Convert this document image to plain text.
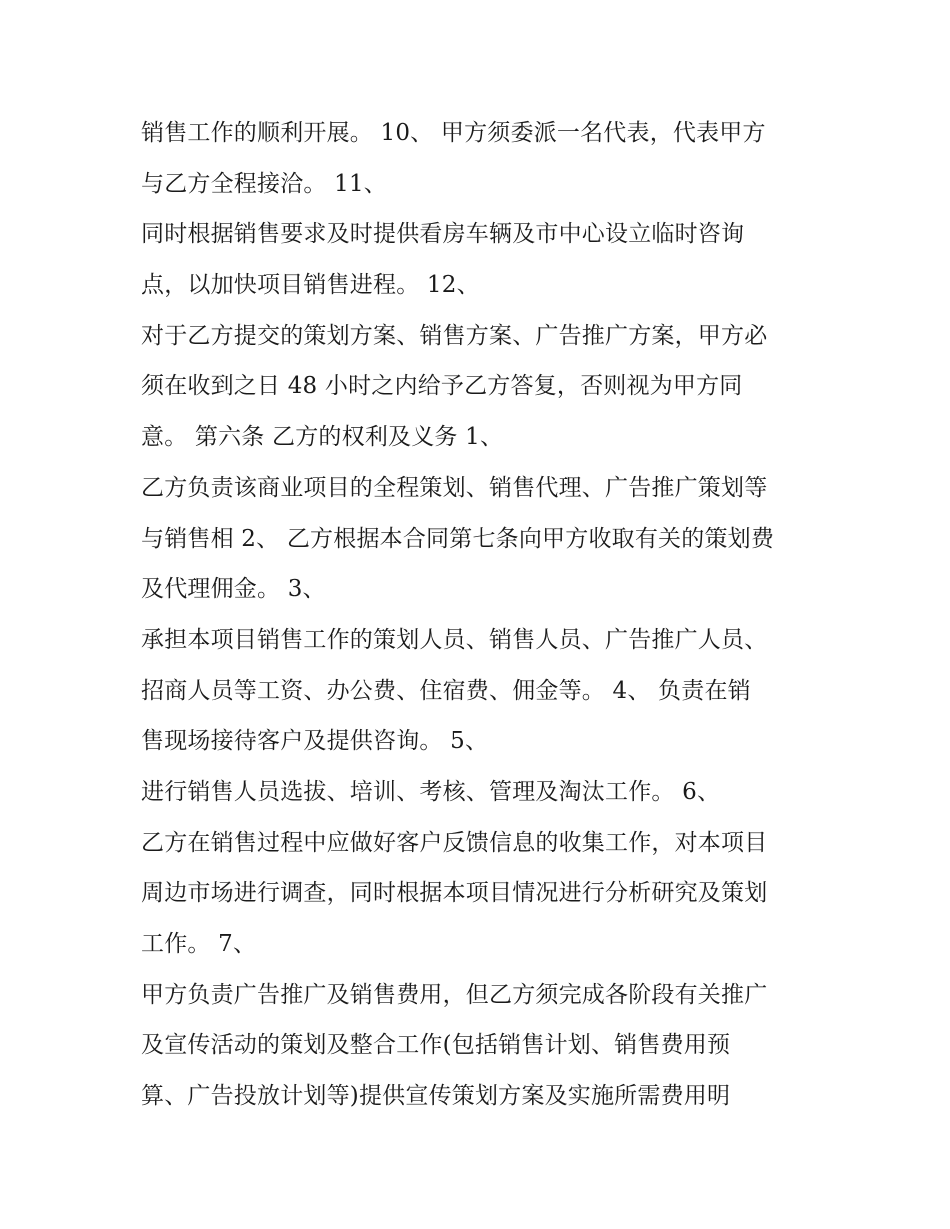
销售工作的顺利开展。 10、 甲方须委派一名代表，代表甲方
与乙方全程接洽。 11、
同时根据销售要求及时提供看房车辆及市中心设立临时咨询
点，以加快项目销售进程。 12、
对于乙方提交的策划方案、销售方案、广告推广方案，甲方必
须在收到之日 48 小时之内给予乙方答复，否则视为甲方同
意。 第六条 乙方的权利及义务 1、
乙方负责该商业项目的全程策划、销售代理、广告推广策划等
与销售相 2、 乙方根据本合同第七条向甲方收取有关的策划费
及代理佣金。 3、
承担本项目销售工作的策划人员、销售人员、广告推广人员、
招商人员等工资、办公费、住宿费、佣金等。 4、 负责在销
售现场接待客户及提供咨询。 5、
进行销售人员选拔、培训、考核、管理及淘汰工作。 6、
乙方在销售过程中应做好客户反馈信息的收集工作，对本项目
周边市场进行调查，同时根据本项目情况进行分析研究及策划
工作。 7、
甲方负责广告推广及销售费用，但乙方须完成各阶段有关推广
及宣传活动的策划及整合工作(包括销售计划、销售费用预
算、广告投放计划等)提供宣传策划方案及实施所需费用明
